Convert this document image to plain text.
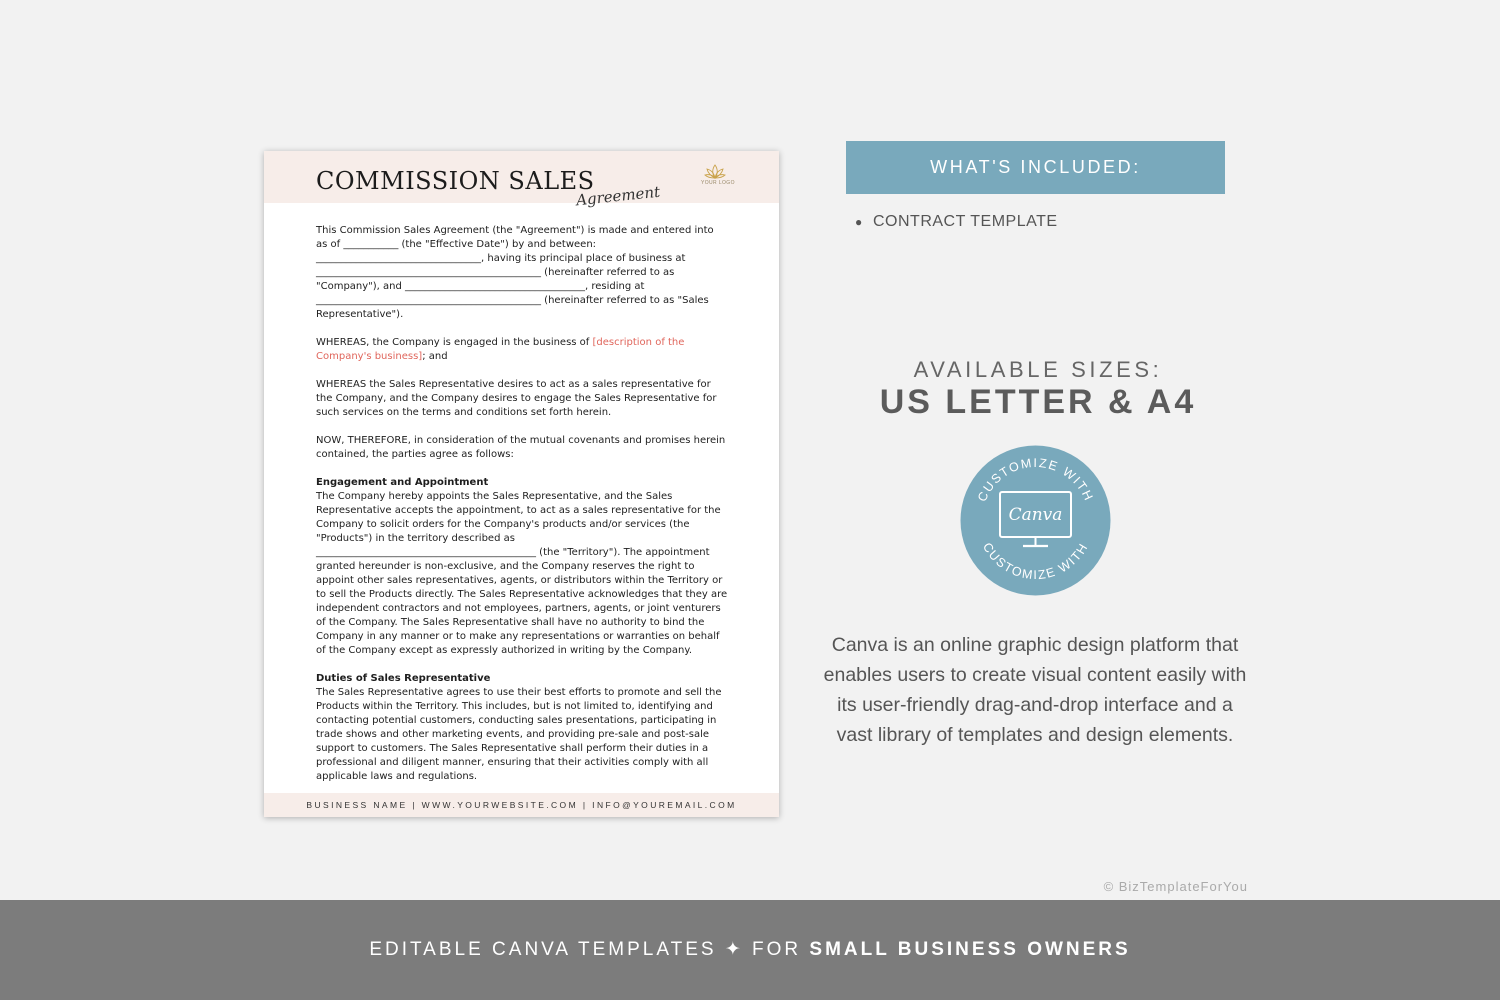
COMMISSION SALES
Agreement	YOUR LOGO

This Commission Sales Agreement (the "Agreement") is made and entered into as of ___________ (the "Effective Date") by and between: _________________________________, having its principal place of business at _____________________________________________ (hereinafter referred to as "Company"), and ____________________________________, residing at _____________________________________________ (hereinafter referred to as "Sales Representative").

WHEREAS, the Company is engaged in the business of [description of the Company's business]; and

WHEREAS the Sales Representative desires to act as a sales representative for the Company, and the Company desires to engage the Sales Representative for such services on the terms and conditions set forth herein.

NOW, THEREFORE, in consideration of the mutual covenants and promises herein contained, the parties agree as follows:

Engagement and Appointment
The Company hereby appoints the Sales Representative, and the Sales Representative accepts the appointment, to act as a sales representative for the Company to solicit orders for the Company's products and/or services (the "Products") in the territory described as ____________________________________________ (the "Territory"). The appointment granted hereunder is non-exclusive, and the Company reserves the right to appoint other sales representatives, agents, or distributors within the Territory or to sell the Products directly. The Sales Representative acknowledges that they are independent contractors and not employees, partners, agents, or joint venturers of the Company. The Sales Representative shall have no authority to bind the Company in any manner or to make any representations or warranties on behalf of the Company except as expressly authorized in writing by the Company.
Duties of Sales Representative
The Sales Representative agrees to use their best efforts to promote and sell the Products within the Territory. This includes, but is not limited to, identifying and contacting potential customers, conducting sales presentations, participating in trade shows and other marketing events, and providing pre-sale and post-sale support to customers. The Sales Representative shall perform their duties in a professional and diligent manner, ensuring that their activities comply with all applicable laws and regulations.
BUSINESS NAME | WWW.YOURWEBSITE.COM | INFO@YOUREMAIL.COM
WHAT'S INCLUDED:
● CONTRACT TEMPLATE
AVAILABLE SIZES:
US LETTER & A4
CUSTOMIZE WITH
CUSTOMIZE WITH
Canva
Canva is an online graphic design platform that enables users to create visual content easily with its user-friendly drag-and-drop interface and a vast library of templates and design elements.
© BizTemplateForYou
EDITABLE CANVA TEMPLATES ✦ FOR SMALL BUSINESS OWNERS
